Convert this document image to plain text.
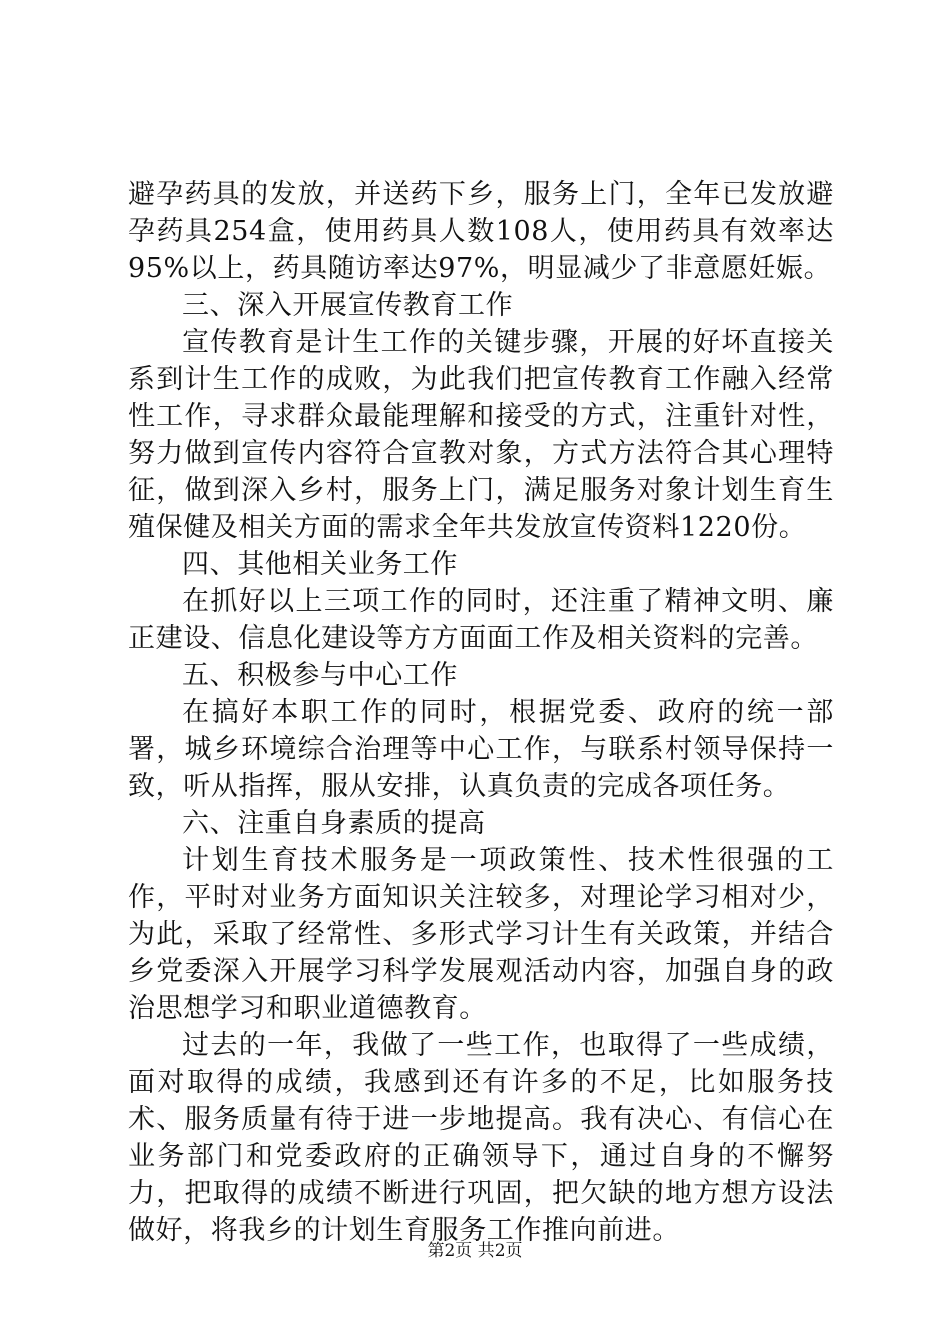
避孕药具的发放，并送药下乡，服务上门，全年已发放避孕药具254盒，使用药具人数108人，使用药具有效率达95%以上，药具随访率达97%，明显减少了非意愿妊娠。

三、深入开展宣传教育工作

宣传教育是计生工作的关键步骤，开展的好坏直接关系到计生工作的成败，为此我们把宣传教育工作融入经常性工作，寻求群众最能理解和接受的方式，注重针对性，努力做到宣传内容符合宣教对象，方式方法符合其心理特征，做到深入乡村，服务上门，满足服务对象计划生育生殖保健及相关方面的需求全年共发放宣传资料1220份。

四、其他相关业务工作

在抓好以上三项工作的同时，还注重了精神文明、廉正建设、信息化建设等方方面面工作及相关资料的完善。

五、积极参与中心工作

在搞好本职工作的同时，根据党委、政府的统一部署，城乡环境综合治理等中心工作，与联系村领导保持一致，听从指挥，服从安排，认真负责的完成各项任务。

六、注重自身素质的提高

计划生育技术服务是一项政策性、技术性很强的工作，平时对业务方面知识关注较多，对理论学习相对少，为此，采取了经常性、多形式学习计生有关政策，并结合乡党委深入开展学习科学发展观活动内容，加强自身的政治思想学习和职业道德教育。

过去的一年，我做了一些工作，也取得了一些成绩，面对取得的成绩，我感到还有许多的不足，比如服务技术、服务质量有待于进一步地提高。我有决心、有信心在业务部门和党委政府的正确领导下，通过自身的不懈努力，把取得的成绩不断进行巩固，把欠缺的地方想方设法做好，将我乡的计划生育服务工作推向前进。

第2页 共2页
